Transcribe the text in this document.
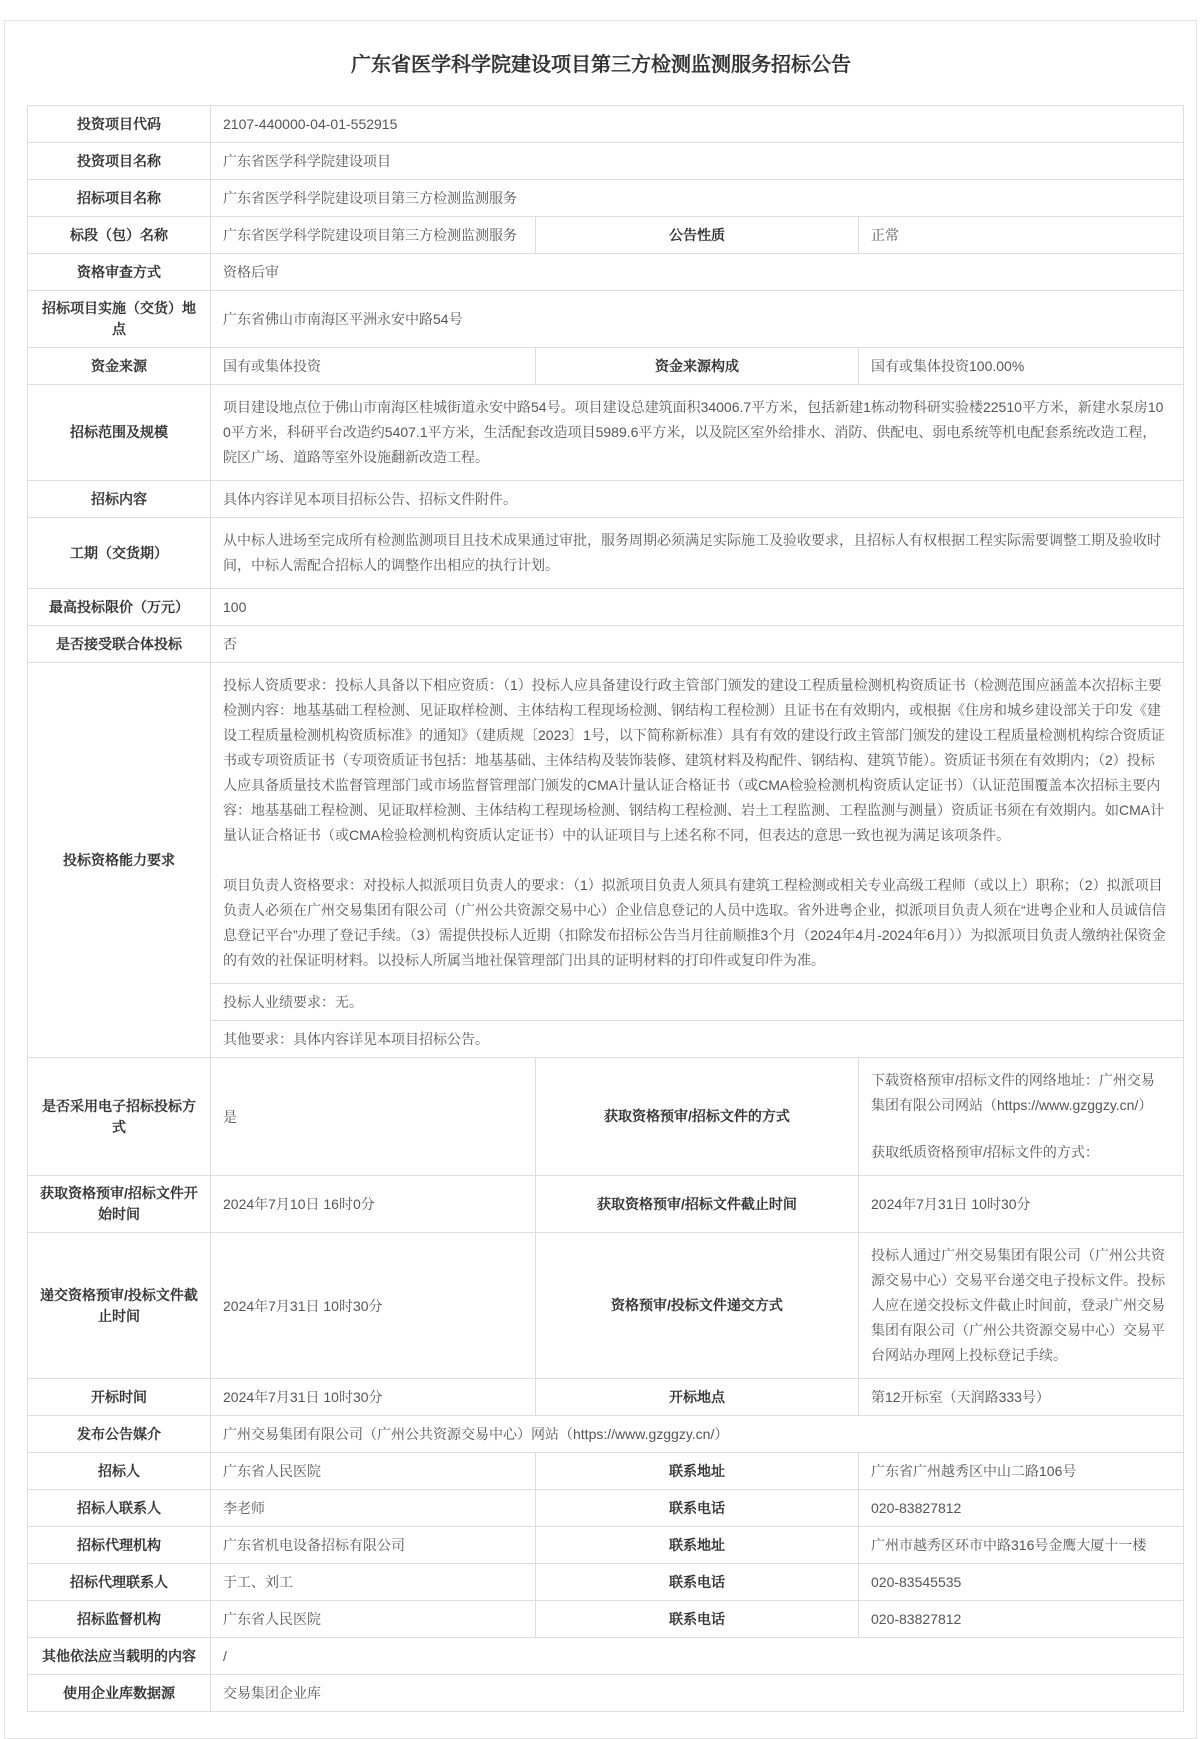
广东省医学科学院建设项目第三方检测监测服务招标公告
投资项目代码	2107-440000-04-01-552915		
投资项目名称	广东省医学科学院建设项目		
招标项目名称	广东省医学科学院建设项目第三方检测监测服务		
标段（包）名称	广东省医学科学院建设项目第三方检测监测服务	公告性质	正常
资格审查方式	资格后审		
招标项目实施（交货）地点	广东省佛山市南海区平洲永安中路54号		
资金来源	国有或集体投资	资金来源构成	国有或集体投资100.00%
招标范围及规模	项目建设地点位于佛山市南海区桂城街道永安中路54号。项目建设总建筑面积34006.7平方米，包括新建1栋动物科研实验楼22510平方米，新建水泵房100平方米，科研平台改造约5407.1平方米，生活配套改造项目5989.6平方米，以及院区室外给排水、消防、供配电、弱电系统等机电配套系统改造工程，院区广场、道路等室外设施翻新改造工程。		
招标内容	具体内容详见本项目招标公告、招标文件附件。		
工期（交货期）	从中标人进场至完成所有检测监测项目且技术成果通过审批，服务周期必须满足实际施工及验收要求，且招标人有权根据工程实际需要调整工期及验收时间，中标人需配合招标人的调整作出相应的执行计划。		
最高投标限价（万元）	100		
是否接受联合体投标	否		
投标资格能力要求	投标人资质要求：投标人具备以下相应资质：（1）投标人应具备建设行政主管部门颁发的建设工程质量检测机构资质证书（检测范围应涵盖本次招标主要检测内容：地基基础工程检测、见证取样检测、主体结构工程现场检测、钢结构工程检测）且证书在有效期内，或根据《住房和城乡建设部关于印发《建设工程质量检测机构资质标准》的通知》（建质规〔2023〕1号，以下简称新标准）具有有效的建设行政主管部门颁发的建设工程质量检测机构综合资质证书或专项资质证书（专项资质证书包括：地基基础、主体结构及装饰装修、建筑材料及构配件、钢结构、建筑节能）。资质证书须在有效期内；（2）投标人应具备质量技术监督管理部门或市场监督管理部门颁发的CMA计量认证合格证书（或CMA检验检测机构资质认定证书）（认证范围覆盖本次招标主要内容：地基基础工程检测、见证取样检测、主体结构工程现场检测、钢结构工程检测、岩土工程监测、工程监测与测量）资质证书须在有效期内。如CMA计量认证合格证书（或CMA检验检测机构资质认定证书）中的认证项目与上述名称不同，但表达的意思一致也视为满足该项条件。

项目负责人资格要求：对投标人拟派项目负责人的要求：（1）拟派项目负责人须具有建筑工程检测或相关专业高级工程师（或以上）职称；（2）拟派项目负责人必须在广州交易集团有限公司（广州公共资源交易中心）企业信息登记的人员中选取。省外进粤企业，拟派项目负责人须在“进粤企业和人员诚信信息登记平台”办理了登记手续。（3）需提供投标人近期（扣除发布招标公告当月往前顺推3个月（2024年4月-2024年6月））为拟派项目负责人缴纳社保资金的有效的社保证明材料。以投标人所属当地社保管理部门出具的证明材料的打印件或复印件为准。		

	投标人业绩要求：无。		
	其他要求：具体内容详见本项目招标公告。		
是否采用电子招标投标方式	是	获取资格预审/招标文件的方式	下载资格预审/招标文件的网络地址：广州交易集团有限公司网站（https://www.gzggzy.cn/）
获取纸质资格预审/招标文件的方式：

获取资格预审/招标文件开始时间	2024年7月10日 16时0分	获取资格预审/招标文件截止时间	2024年7月31日 10时30分
递交资格预审/投标文件截止时间	2024年7月31日 10时30分	资格预审/投标文件递交方式	投标人通过广州交易集团有限公司（广州公共资源交易中心）交易平台递交电子投标文件。投标人应在递交投标文件截止时间前，登录广州交易集团有限公司（广州公共资源交易中心）交易平台网站办理网上投标登记手续。
开标时间	2024年7月31日 10时30分	开标地点	第12开标室（天润路333号）
发布公告媒介	广州交易集团有限公司（广州公共资源交易中心）网站（https://www.gzggzy.cn/）		
招标人	广东省人民医院	联系地址	广东省广州越秀区中山二路106号
招标人联系人	李老师	联系电话	020-83827812
招标代理机构	广东省机电设备招标有限公司	联系地址	广州市越秀区环市中路316号金鹰大厦十一楼
招标代理联系人	于工、刘工	联系电话	020-83545535
招标监督机构	广东省人民医院	联系电话	020-83827812
其他依法应当载明的内容	/		
使用企业库数据源	交易集团企业库		
